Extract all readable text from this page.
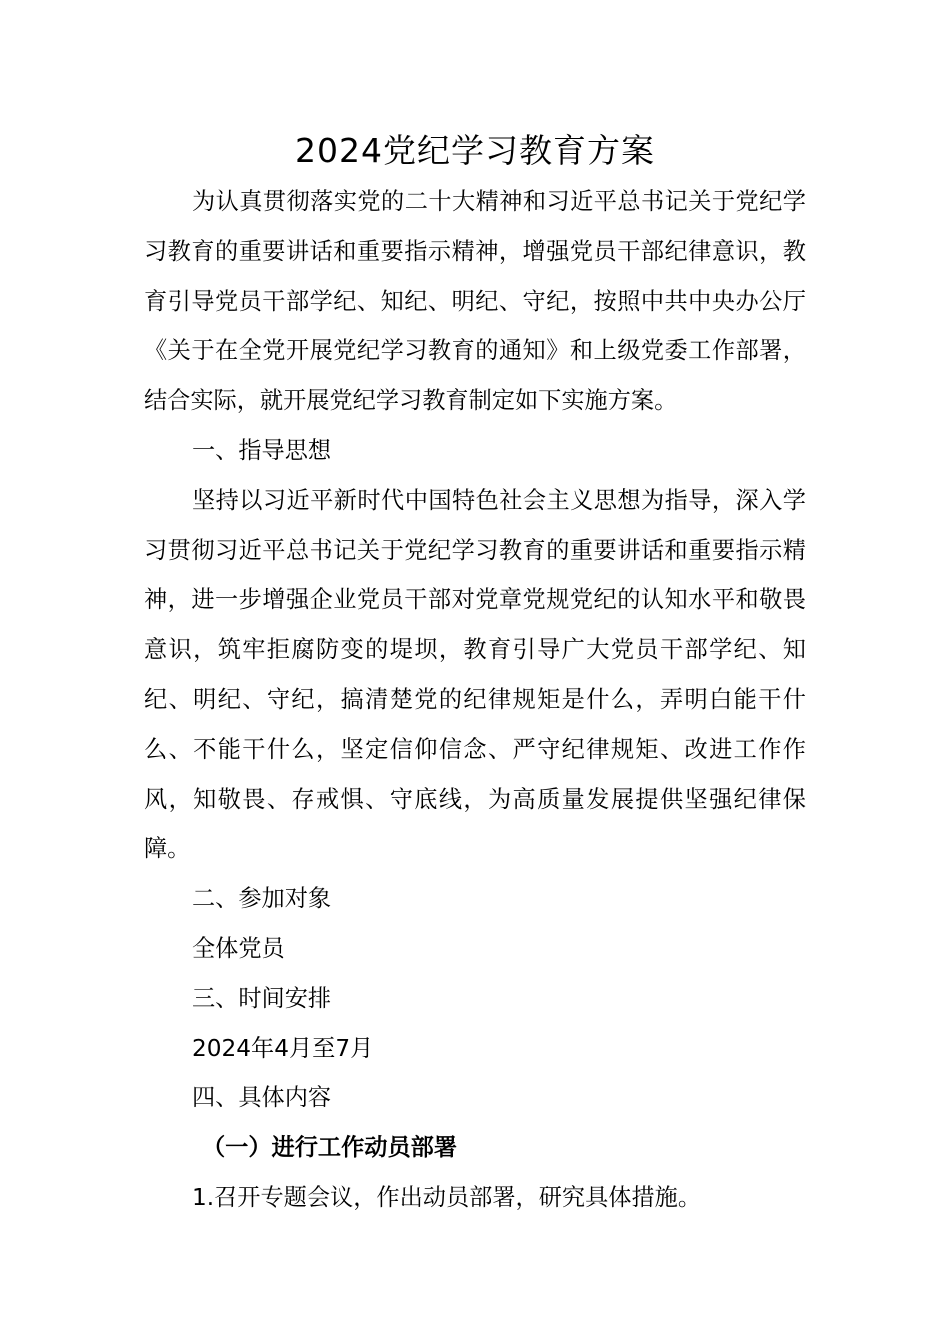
2024党纪学习教育方案

为认真贯彻落实党的二十大精神和习近平总书记关于党纪学习教育的重要讲话和重要指示精神，增强党员干部纪律意识，教育引导党员干部学纪、知纪、明纪、守纪，按照中共中央办公厅《关于在全党开展党纪学习教育的通知》和上级党委工作部署，结合实际，就开展党纪学习教育制定如下实施方案。

一、指导思想

坚持以习近平新时代中国特色社会主义思想为指导，深入学习贯彻习近平总书记关于党纪学习教育的重要讲话和重要指示精神，进一步增强企业党员干部对党章党规党纪的认知水平和敬畏意识，筑牢拒腐防变的堤坝，教育引导广大党员干部学纪、知纪、明纪、守纪，搞清楚党的纪律规矩是什么，弄明白能干什么、不能干什么，坚定信仰信念、严守纪律规矩、改进工作作风，知敬畏、存戒惧、守底线，为高质量发展提供坚强纪律保障。

二、参加对象

全体党员

三、时间安排

2024年4月至7月

四、具体内容

（一）进行工作动员部署

1.召开专题会议，作出动员部署，研究具体措施。
